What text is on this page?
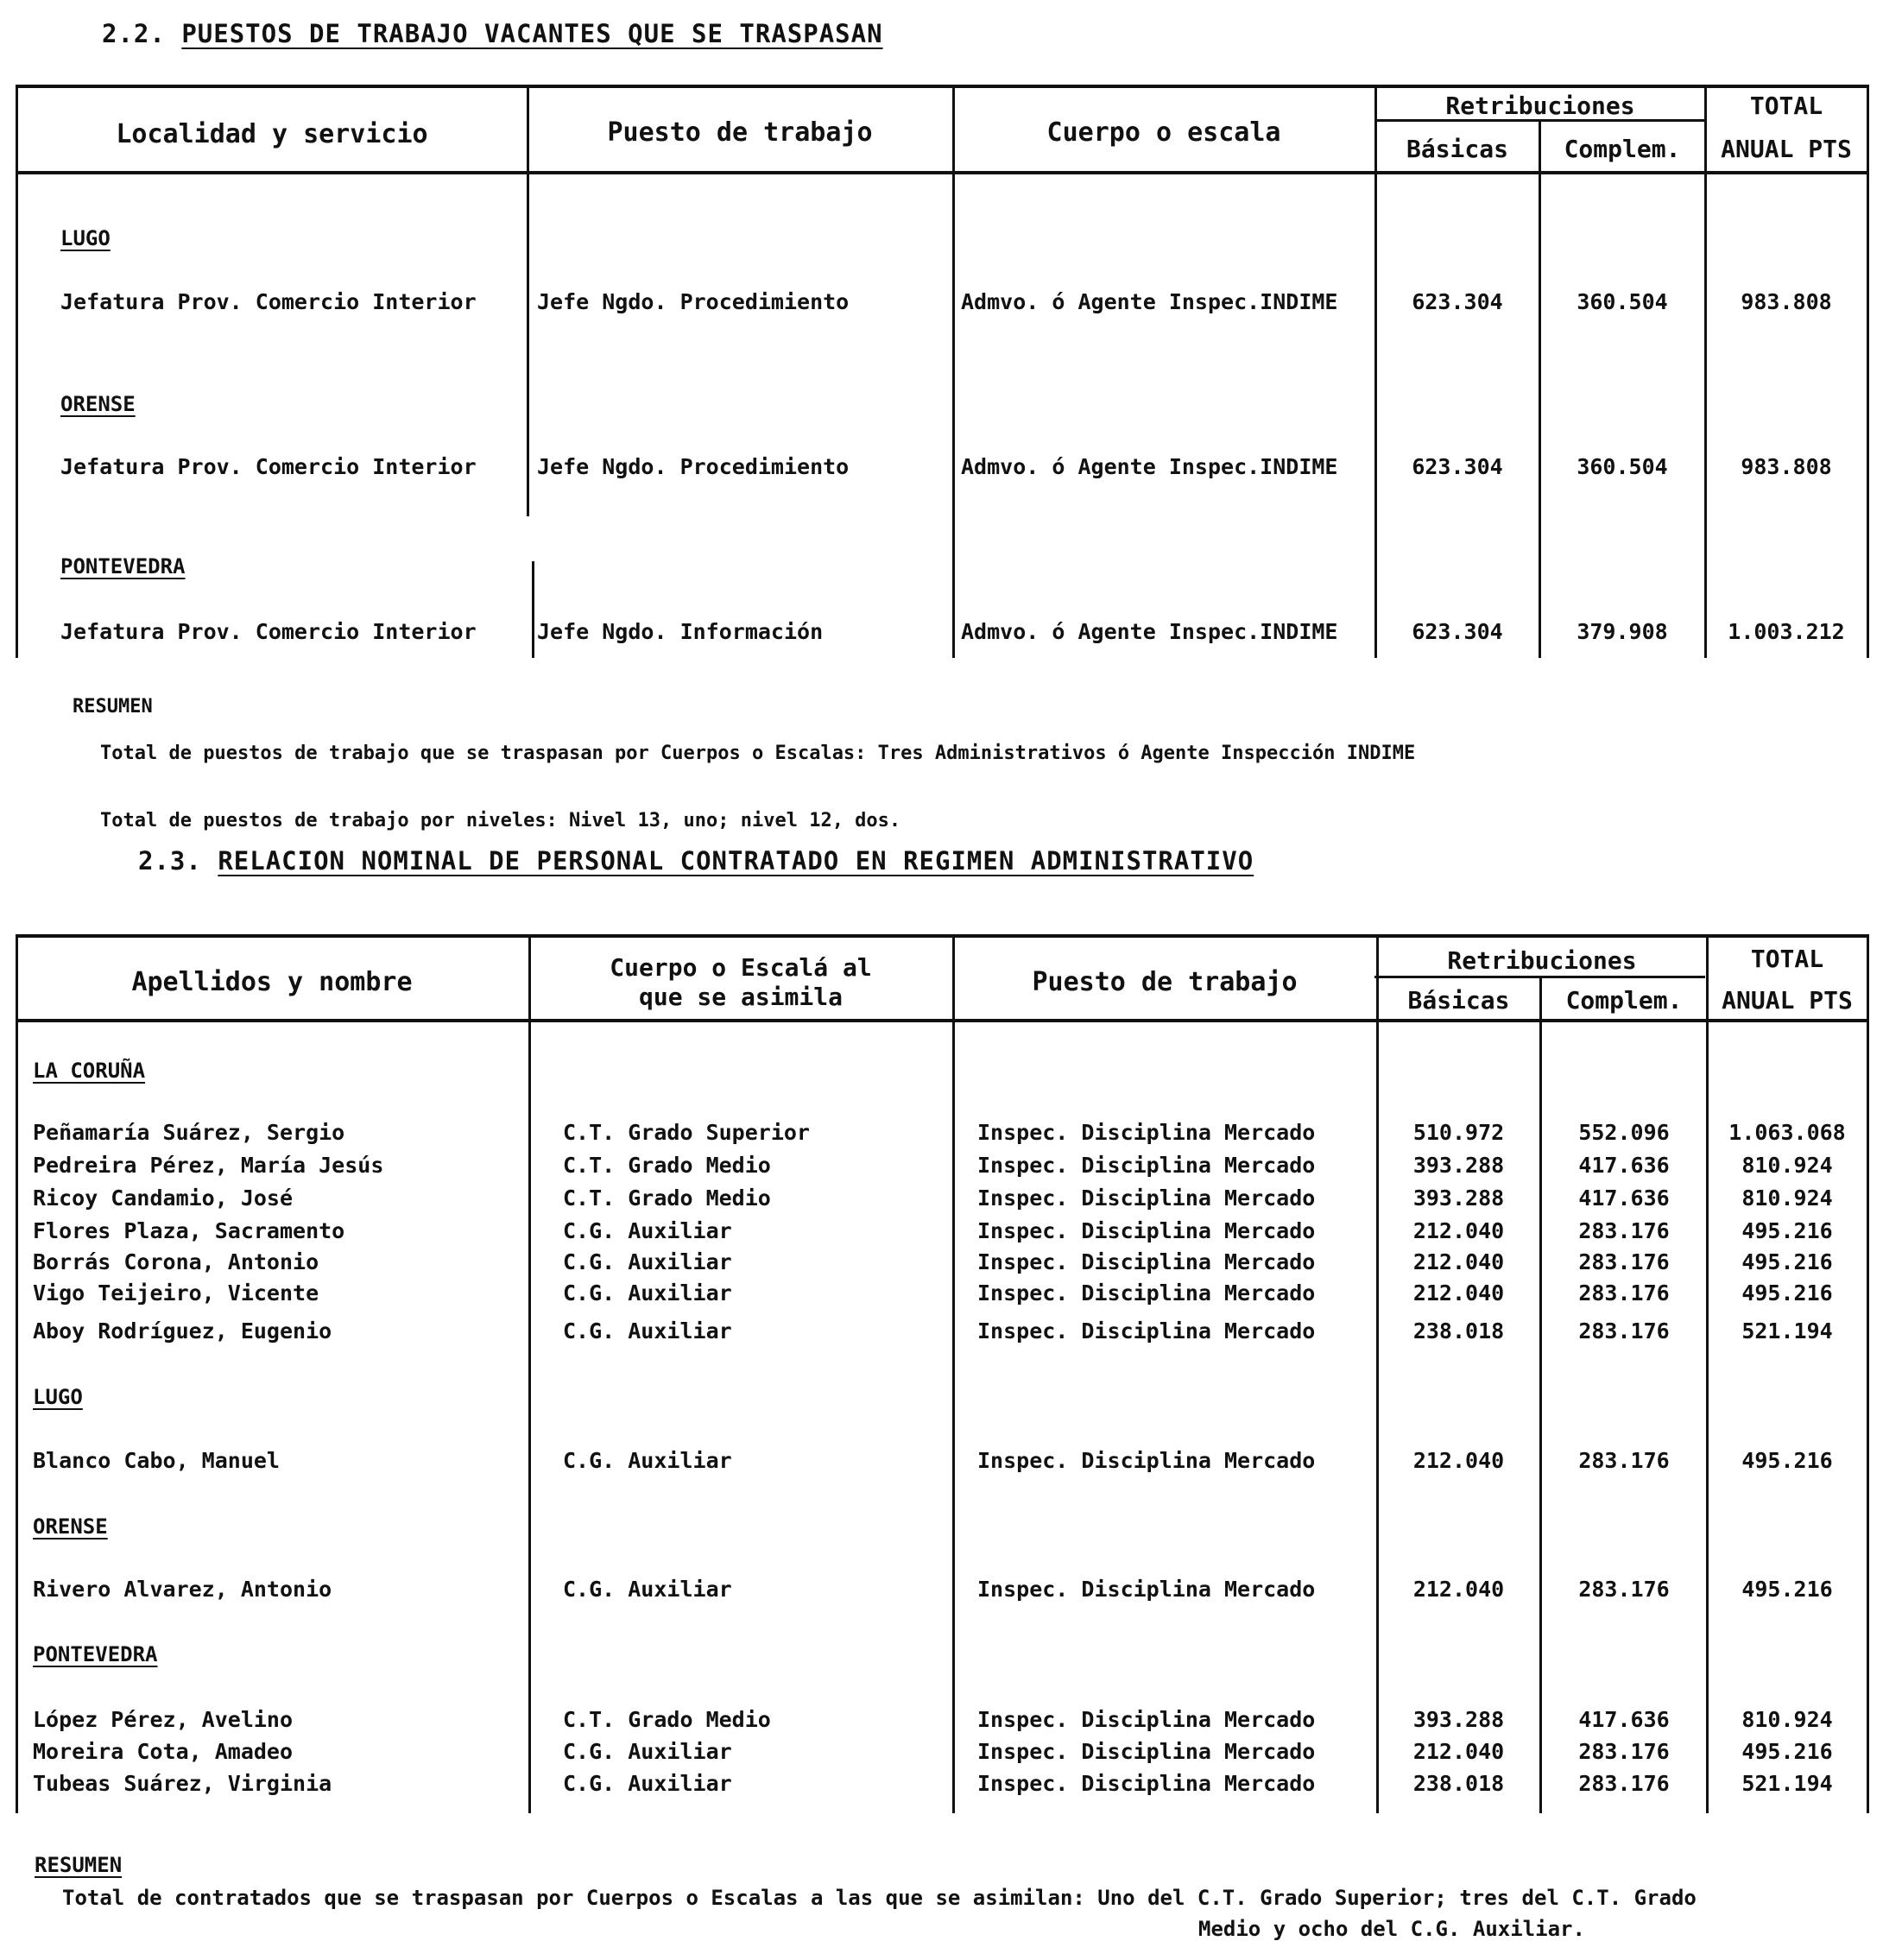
2.2. PUESTOS DE TRABAJO VACANTES QUE SE TRASPASAN
Localidad y servicio	Puesto de trabajo	Cuerpo o escala
Retribuciones
Básicas	Complem.
TOTAL
ANUAL PTS
LUGO
Jefatura Prov. Comercio Interior	Jefe Ngdo. Procedimiento	Admvo. ó Agente Inspec.INDIME	623.304	360.504	983.808
ORENSE
Jefatura Prov. Comercio Interior	Jefe Ngdo. Procedimiento	Admvo. ó Agente Inspec.INDIME	623.304	360.504	983.808
PONTEVEDRA
Jefatura Prov. Comercio Interior	Jefe Ngdo. Información	Admvo. ó Agente Inspec.INDIME	623.304	379.908	1.003.212
RESUMEN
Total de puestos de trabajo que se traspasan por Cuerpos o Escalas: Tres Administrativos ó Agente Inspección INDIME
Total de puestos de trabajo por niveles: Nivel 13, uno; nivel 12, dos.
2.3. RELACION NOMINAL DE PERSONAL CONTRATADO EN REGIMEN ADMINISTRATIVO
Apellidos y nombre	Cuerpo o Escalá al
que se asimila	Puesto de trabajo
Retribuciones
Básicas	Complem.
TOTAL
ANUAL PTS
LA CORUÑA
Peñamaría Suárez, Sergio	C.T. Grado Superior	Inspec. Disciplina Mercado	510.972	552.096	1.063.068
Pedreira Pérez, María Jesús	C.T. Grado Medio	Inspec. Disciplina Mercado	393.288	417.636	810.924
Ricoy Candamio, José	C.T. Grado Medio	Inspec. Disciplina Mercado	393.288	417.636	810.924
Flores Plaza, Sacramento	C.G. Auxiliar	Inspec. Disciplina Mercado	212.040	283.176	495.216
Borrás Corona, Antonio	C.G. Auxiliar	Inspec. Disciplina Mercado	212.040	283.176	495.216
Vigo Teijeiro, Vicente	C.G. Auxiliar	Inspec. Disciplina Mercado	212.040	283.176	495.216
Aboy Rodríguez, Eugenio	C.G. Auxiliar	Inspec. Disciplina Mercado	238.018	283.176	521.194
LUGO
Blanco Cabo, Manuel	C.G. Auxiliar	Inspec. Disciplina Mercado	212.040	283.176	495.216
ORENSE
Rivero Alvarez, Antonio	C.G. Auxiliar	Inspec. Disciplina Mercado	212.040	283.176	495.216
PONTEVEDRA
López Pérez, Avelino	C.T. Grado Medio	Inspec. Disciplina Mercado	393.288	417.636	810.924
Moreira Cota, Amadeo	C.G. Auxiliar	Inspec. Disciplina Mercado	212.040	283.176	495.216
Tubeas Suárez, Virginia	C.G. Auxiliar	Inspec. Disciplina Mercado	238.018	283.176	521.194
RESUMEN
Total de contratados que se traspasan por Cuerpos o Escalas a las que se asimilan: Uno del C.T. Grado Superior; tres del C.T. Grado
Medio y ocho del C.G. Auxiliar.
